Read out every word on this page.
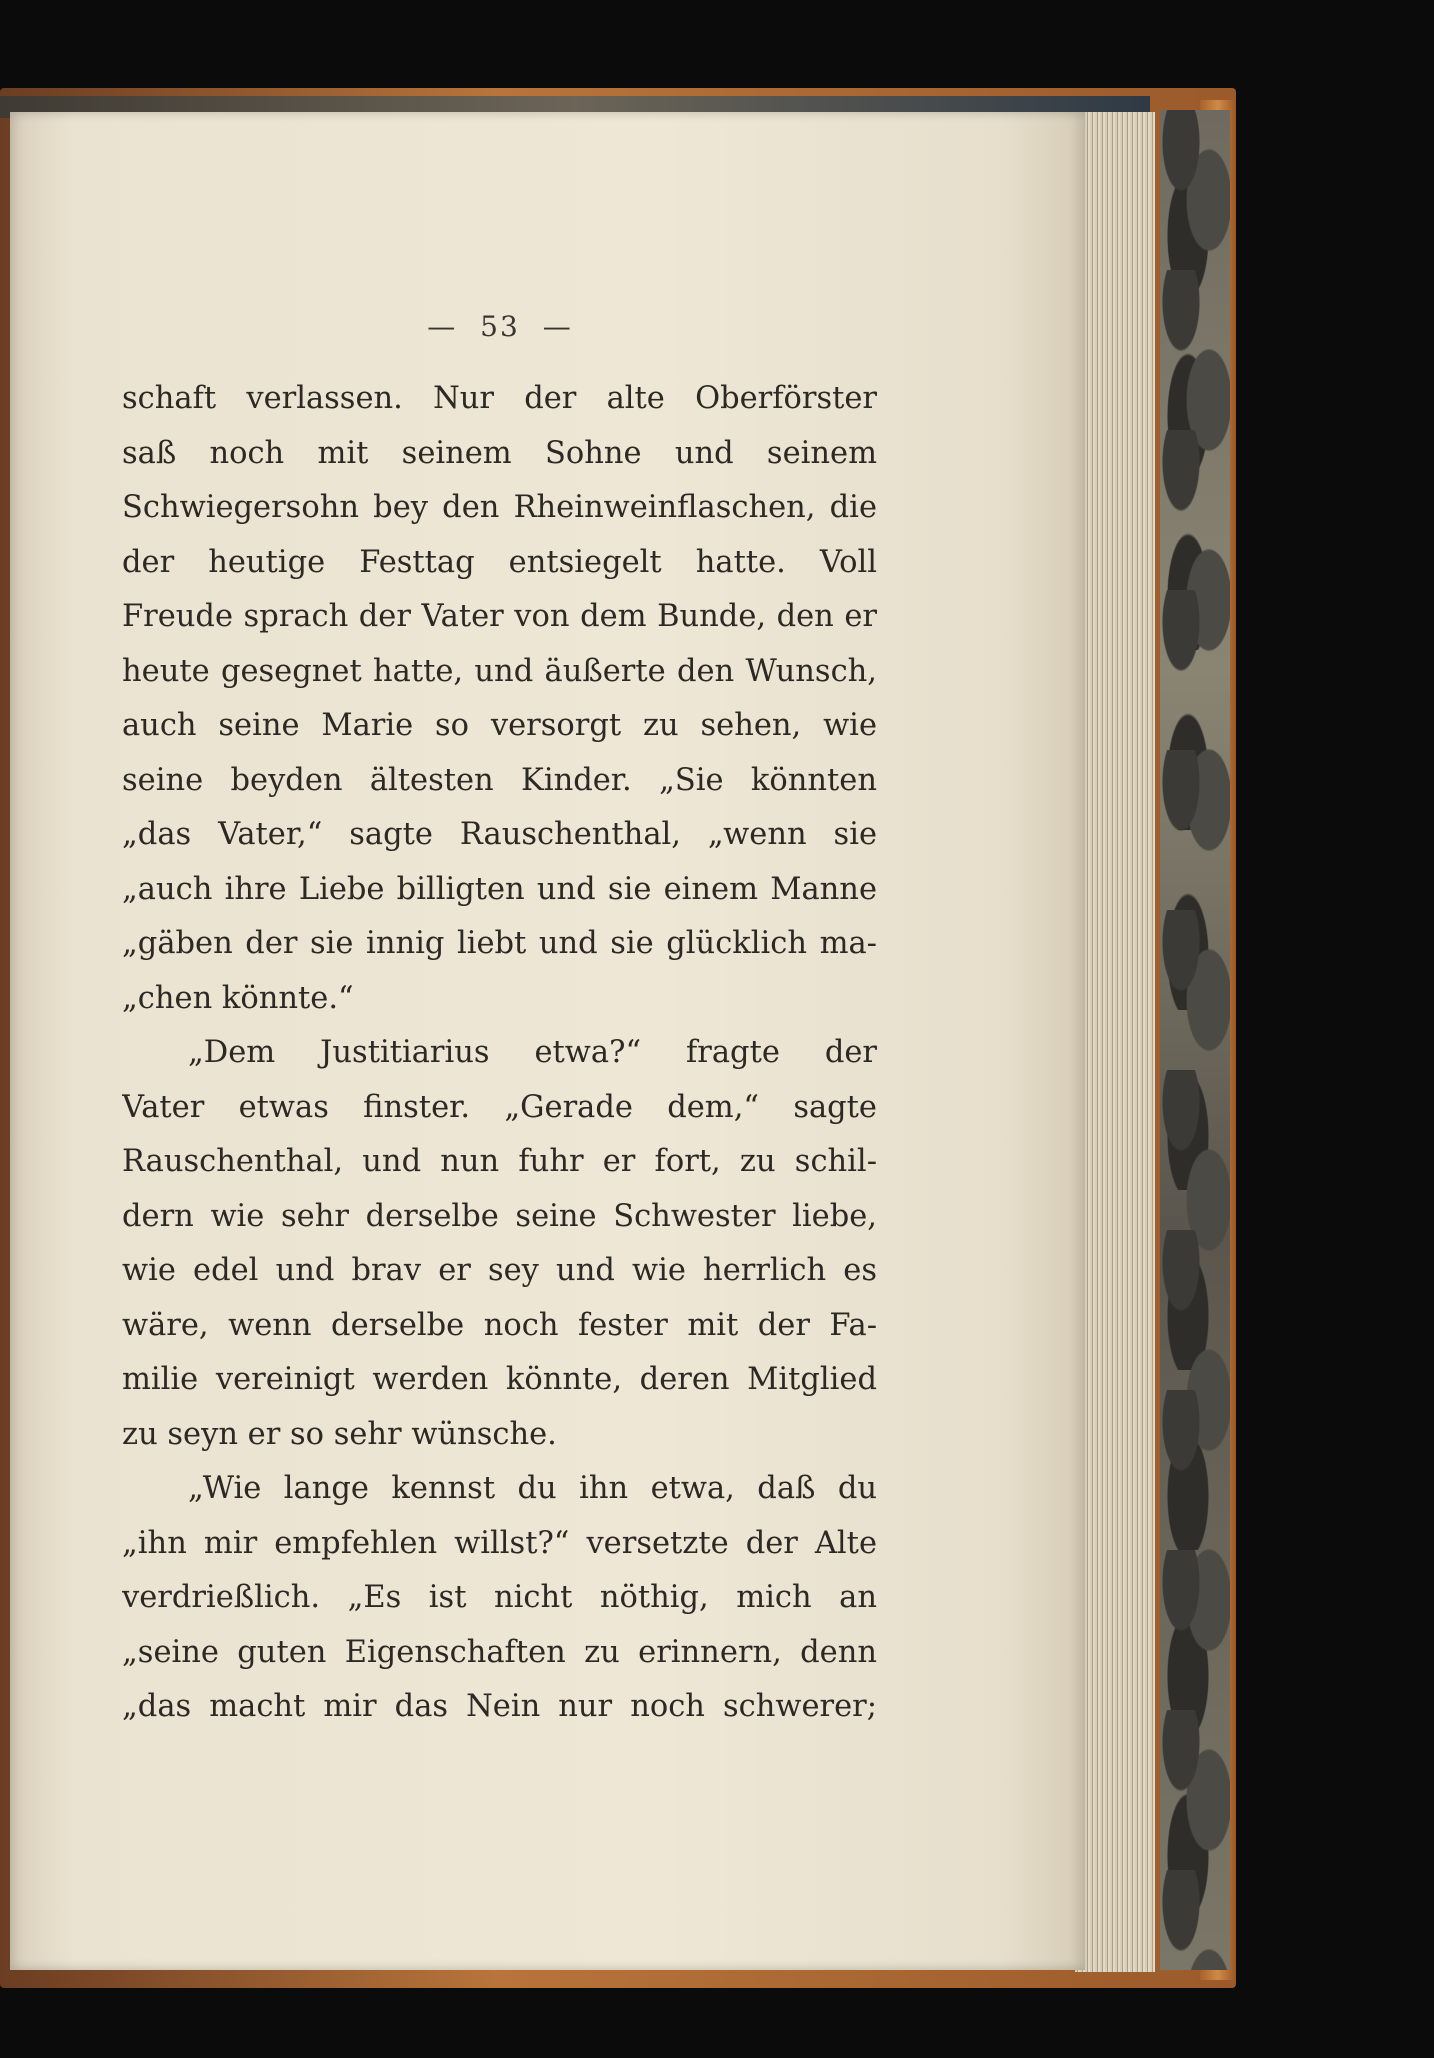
— 53 —
schaft verlassen. Nur der alte Oberförster
saß noch mit seinem Sohne und seinem
Schwiegersohn bey den Rheinweinflaschen, die
der heutige Festtag entsiegelt hatte. Voll
Freude sprach der Vater von dem Bunde, den er
heute gesegnet hatte, und äußerte den Wunsch,
auch seine Marie so versorgt zu sehen, wie
seine beyden ältesten Kinder. „Sie könnten
„das Vater,“ sagte Rauschenthal, „wenn sie
„auch ihre Liebe billigten und sie einem Manne
„gäben der sie innig liebt und sie glücklich ma-
„chen könnte.“
„Dem Justitiarius etwa?“ fragte der
Vater etwas finster. „Gerade dem,“ sagte
Rauschenthal, und nun fuhr er fort, zu schil-
dern wie sehr derselbe seine Schwester liebe,
wie edel und brav er sey und wie herrlich es
wäre, wenn derselbe noch fester mit der Fa-
milie vereinigt werden könnte, deren Mitglied
zu seyn er so sehr wünsche.
„Wie lange kennst du ihn etwa, daß du
„ihn mir empfehlen willst?“ versetzte der Alte
verdrießlich. „Es ist nicht nöthig, mich an
„seine guten Eigenschaften zu erinnern, denn
„das macht mir das Nein nur noch schwerer;
